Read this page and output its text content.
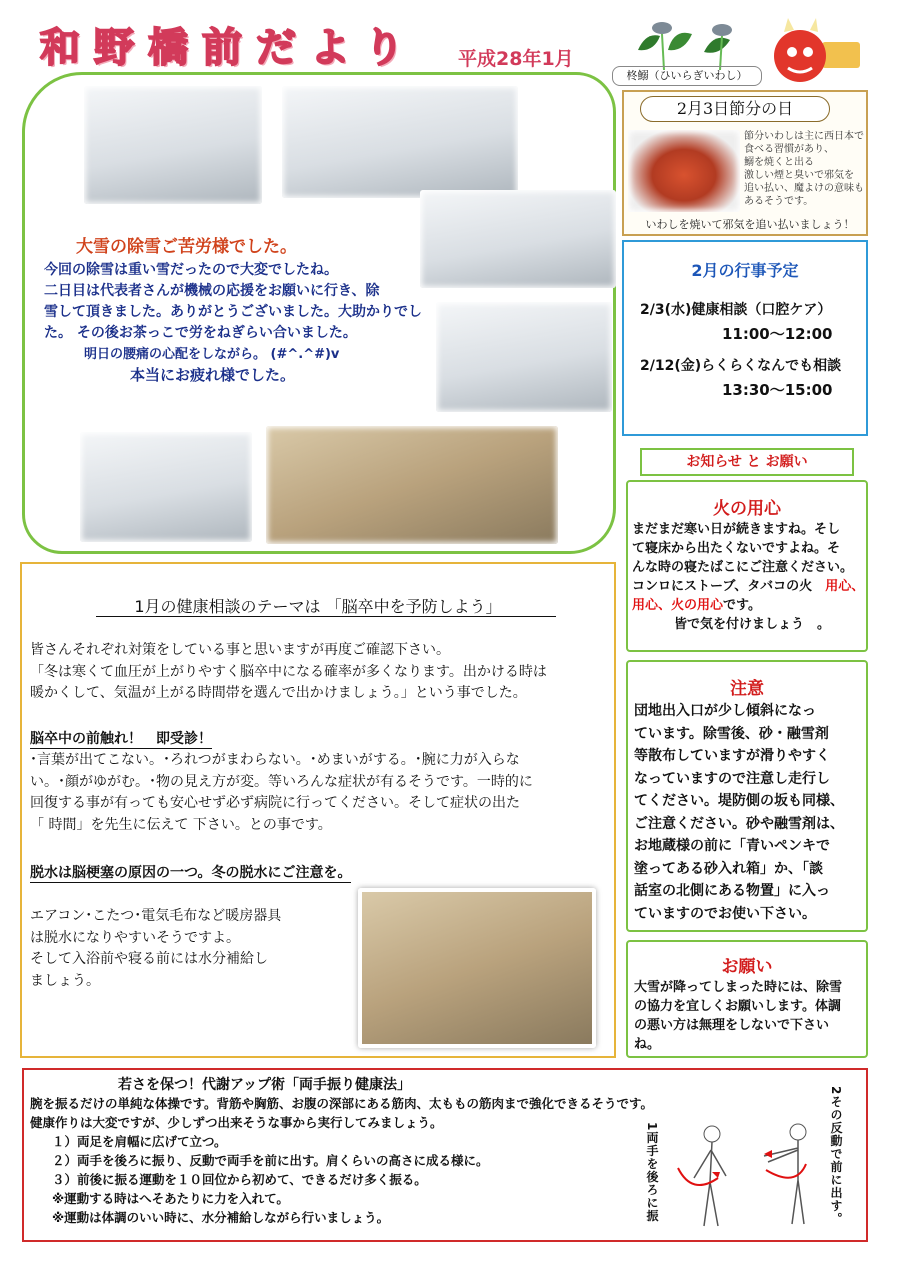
和 野 橋 前 だ よ り	平成28年1月
柊鰯（ひいらぎいわし）
大雪の除雪ご苦労様でした。
今回の除雪は重い雪だったので大変でしたね。
二日目は代表者さんが機械の応援をお願いに行き、除
雪して頂きました。ありがとうございました。大助かりでし
た。 その後お茶っこで労をねぎらい合いました。
明日の腰痛の心配をしながら。 (#^.^#)v
本当にお疲れ様でした。
2月3日節分の日
節分いわしは主に西日本で
食べる習慣があり、
鰯を焼くと出る
激しい煙と臭いで邪気を
追い払い、魔よけの意味も
あるそうです。
いわしを焼いて邪気を追い払いましょう！
2月の行事予定
2/3(水)健康相談（口腔ケア）
11:00～12:00
2/12(金)らくらくなんでも相談
13:30～15:00
お知らせ と お願い
火の用心
まだまだ寒い日が続きますね。そし
て寝床から出たくないですよね。そ
んな時の寝たばこにご注意ください。
コンロにストーブ、タバコの火　 用心、
用心、火の用心です。
皆で気を付けましょう　。
注意
団地出入口が少し傾斜になっ
ています。除雪後、砂・融雪剤
等散布していますが滑りやすく
なっていますので注意し走行し
てください。堤防側の坂も同様、
ご注意ください。砂や融雪剤は、
お地蔵様の前に「青いペンキで
塗ってある砂入れ箱」か、「談
話室の北側にある物置」に入っ
ていますのでお使い下さい。
お願い
大雪が降ってしまった時には、除雪
の協力を宜しくお願いします。体調
の悪い方は無理をしないで下さい
ね。
1月の健康相談のテーマは 「脳卒中を予防しよう」
皆さんそれぞれ対策をしている事と思いますが再度ご確認下さい。
「冬は寒くて血圧が上がりやすく脳卒中になる確率が多くなります。出かける時は
暖かくして、気温が上がる時間帯を選んで出かけましょう。」という事でした。
脳卒中の前触れ！　即受診！
･言葉が出てこない。･ろれつがまわらない。･めまいがする。･腕に力が入らな
い。･顔がゆがむ。･物の見え方が変。等いろんな症状が有るそうです。一時的に
回復する事が有っても安心せず必ず病院に行ってください。そして症状の出た
「 時間」を先生に伝えて 下さい。との事です。
脱水は脳梗塞の原因の一つ。冬の脱水にご注意を。
エアコン･こたつ･電気毛布など暖房器具
は脱水になりやすいそうですよ。
そして入浴前や寝る前には水分補給し
ましょう。
若さを保つ！代謝アップ術「両手振り健康法」
腕を振るだけの単純な体操です。背筋や胸筋、お腹の深部にある筋肉、太ももの筋肉まで強化できるそうです。
健康作りは大変ですが、少しずつ出来そうな事から実行してみましょう。
１）両足を肩幅に広げて立つ。
２）両手を後ろに振り、反動で両手を前に出す。肩くらいの高さに成る様に。
３）前後に振る運動を１０回位から初めて、できるだけ多く振る。
※運動する時はへそあたりに力を入れて。
※運動は体調のいい時に、水分補給しながら行いましょう。	1両手を後ろに振	2その反動で前に出す。
